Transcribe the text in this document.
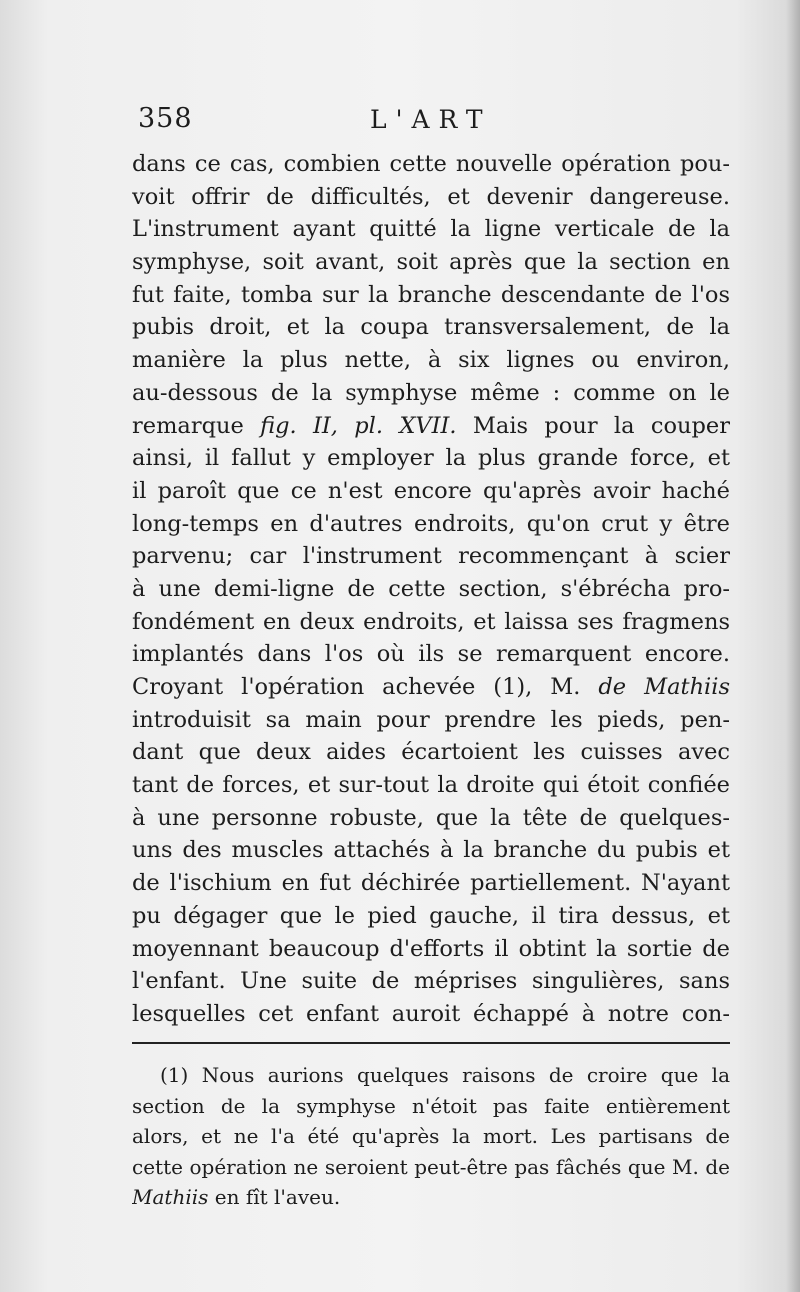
358	L'ART
dans ce cas, combien cette nouvelle opération pou-
voit offrir de difficultés, et devenir dangereuse.
L'instrument ayant quitté la ligne verticale de la
symphyse, soit avant, soit après que la section en
fut faite, tomba sur la branche descendante de l'os
pubis droit, et la coupa transversalement, de la
manière la plus nette, à six lignes ou environ,
au-dessous de la symphyse même : comme on le
remarque fig. II, pl. XVII. Mais pour la couper
ainsi, il fallut y employer la plus grande force, et
il paroît que ce n'est encore qu'après avoir haché
long-temps en d'autres endroits, qu'on crut y être
parvenu; car l'instrument recommençant à scier
à une demi-ligne de cette section, s'ébrécha pro-
fondément en deux endroits, et laissa ses fragmens
implantés dans l'os où ils se remarquent encore.
Croyant l'opération achevée (1), M. de Mathiis
introduisit sa main pour prendre les pieds, pen-
dant que deux aides écartoient les cuisses avec
tant de forces, et sur-tout la droite qui étoit confiée
à une personne robuste, que la tête de quelques-
uns des muscles attachés à la branche du pubis et
de l'ischium en fut déchirée partiellement. N'ayant
pu dégager que le pied gauche, il tira dessus, et
moyennant beaucoup d'efforts il obtint la sortie de
l'enfant. Une suite de méprises singulières, sans
lesquelles cet enfant auroit échappé à notre con-
(1) Nous aurions quelques raisons de croire que la
section de la symphyse n'étoit pas faite entièrement
alors, et ne l'a été qu'après la mort. Les partisans de
cette opération ne seroient peut-être pas fâchés que M. de
Mathiis en fît l'aveu.
